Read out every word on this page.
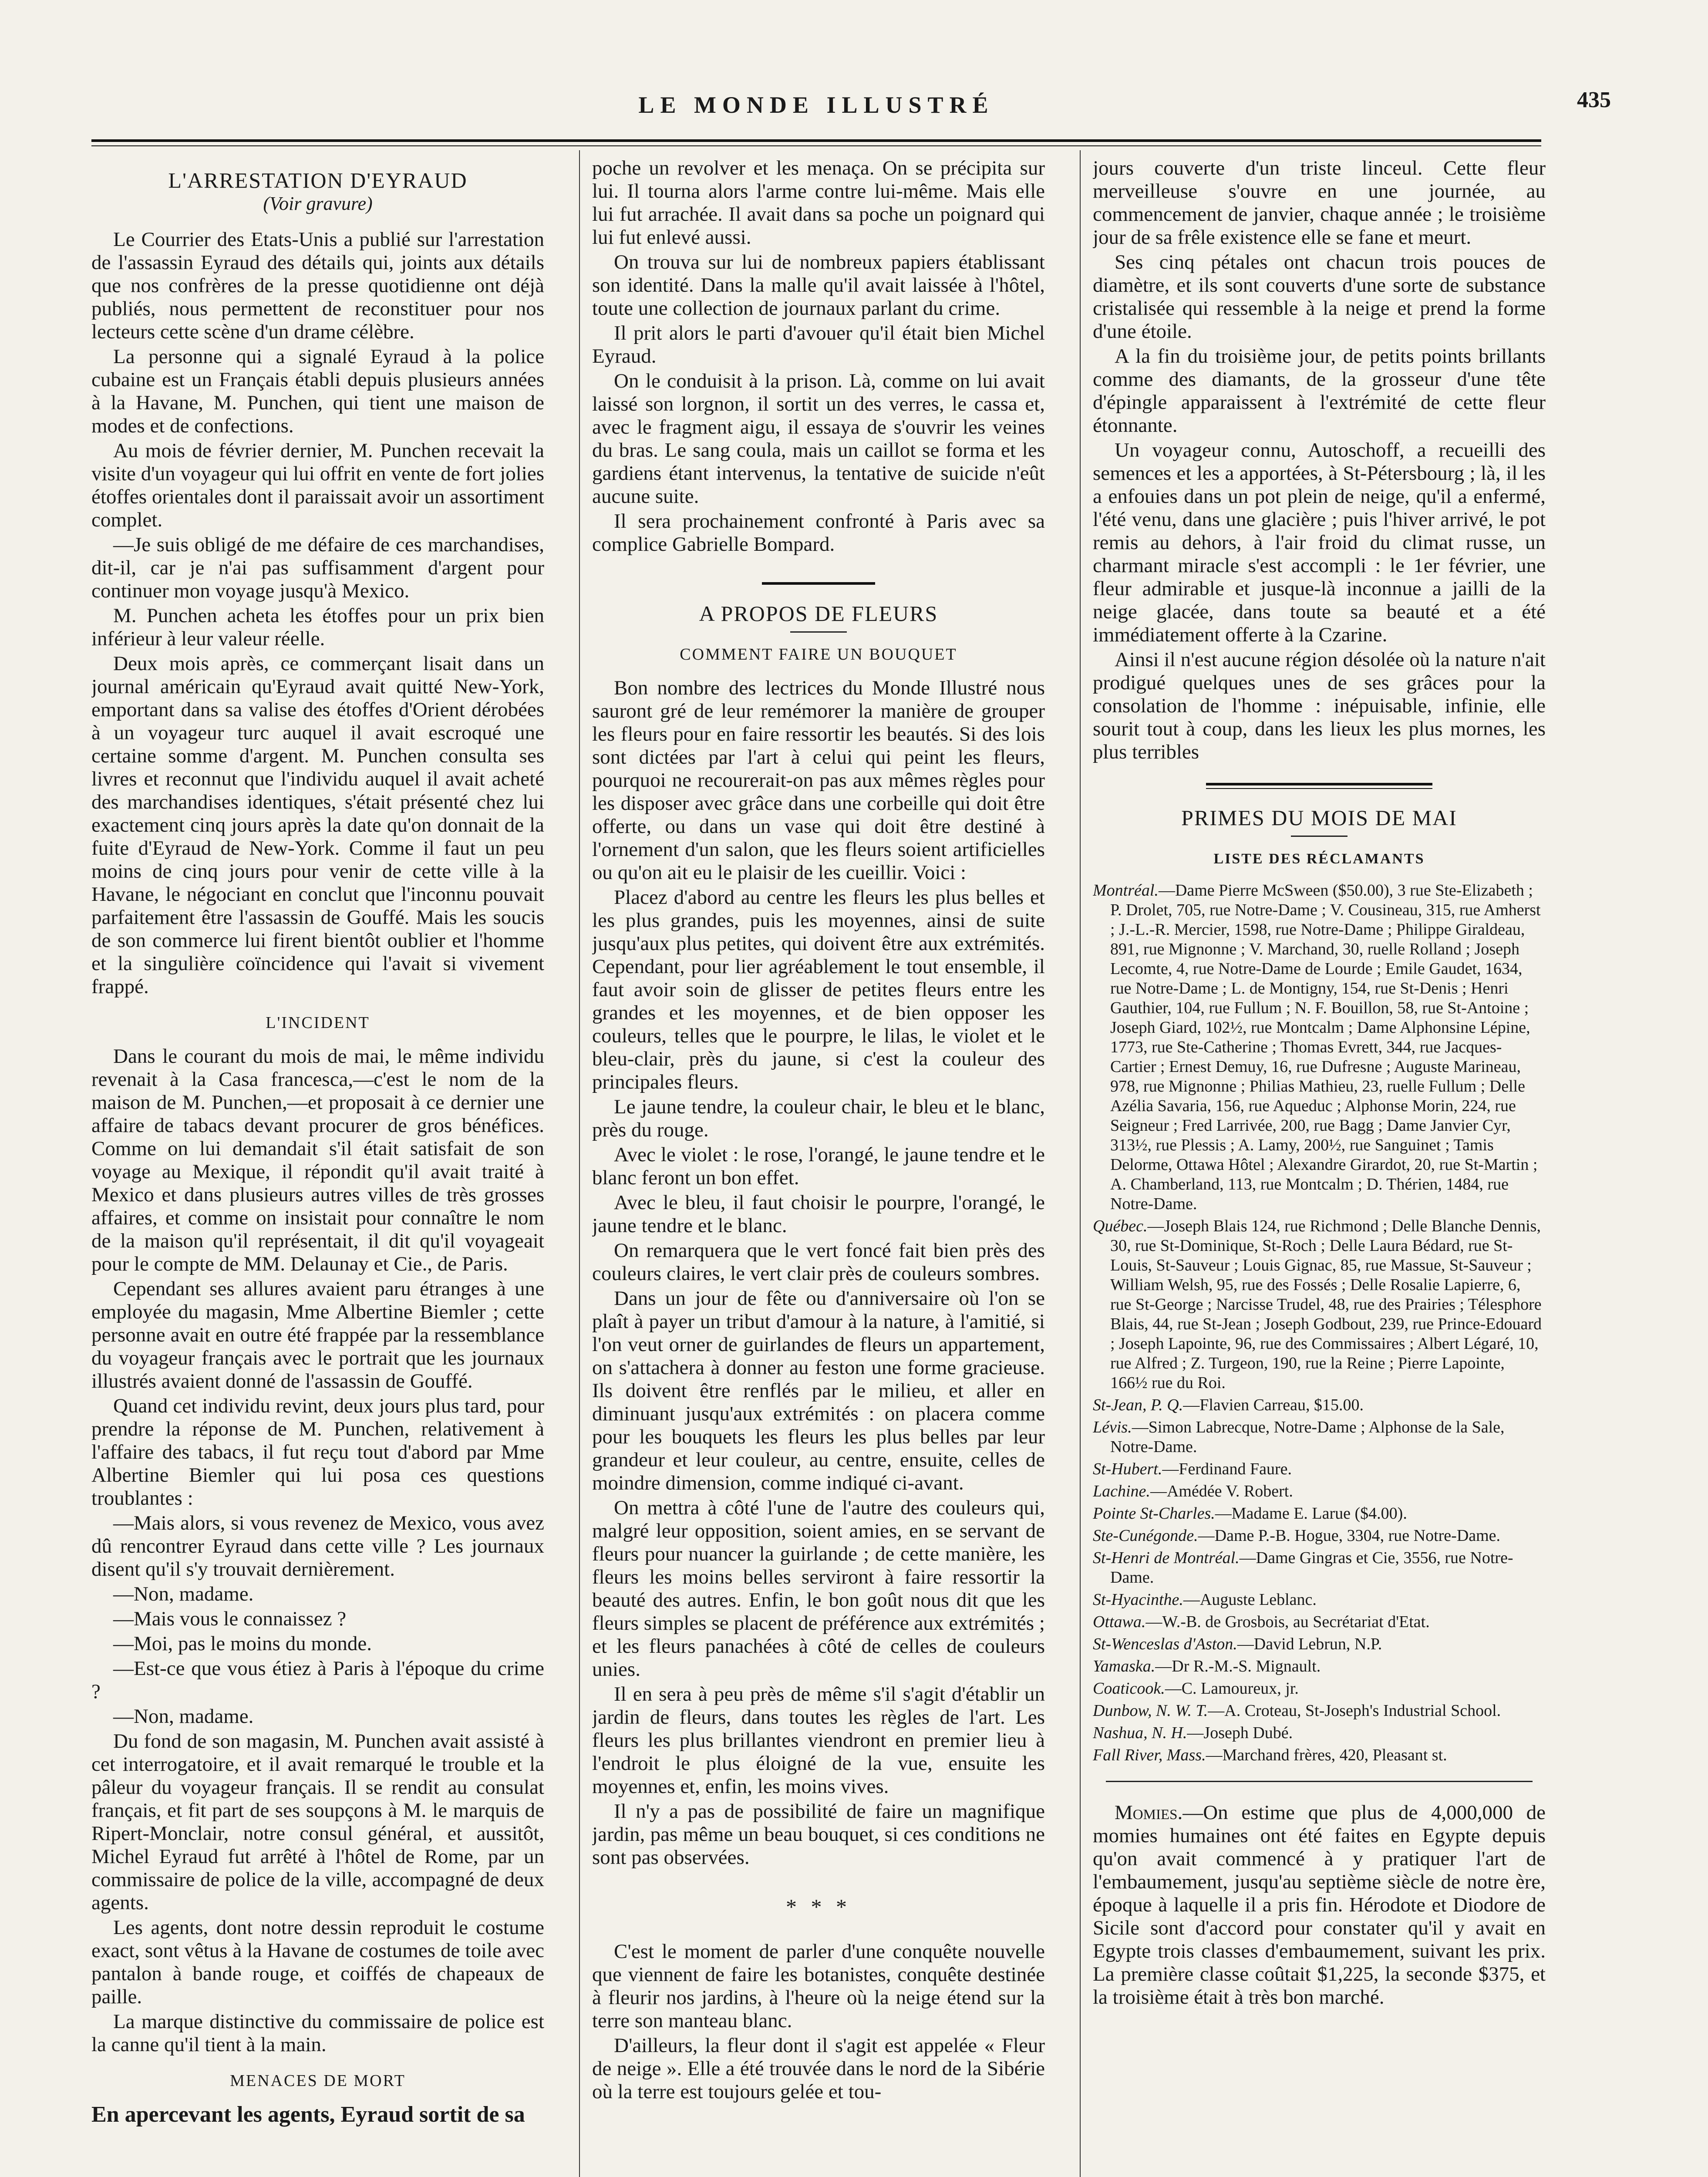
LE MONDE ILLUSTRÉ	435
L'ARRESTATION D'EYRAUD
(Voir gravure)

Le Courrier des Etats-Unis a publié sur l'arrestation de l'assassin Eyraud des détails qui, joints aux détails que nos confrères de la presse quotidienne ont déjà publiés, nous permettent de reconstituer pour nos lecteurs cette scène d'un drame célèbre.

La personne qui a signalé Eyraud à la police cubaine est un Français établi depuis plusieurs années à la Havane, M. Punchen, qui tient une maison de modes et de confections.

Au mois de février dernier, M. Punchen recevait la visite d'un voyageur qui lui offrit en vente de fort jolies étoffes orientales dont il paraissait avoir un assortiment complet.

—Je suis obligé de me défaire de ces marchandises, dit-il, car je n'ai pas suffisamment d'argent pour continuer mon voyage jusqu'à Mexico.

M. Punchen acheta les étoffes pour un prix bien inférieur à leur valeur réelle.

Deux mois après, ce commerçant lisait dans un journal américain qu'Eyraud avait quitté New-York, emportant dans sa valise des étoffes d'Orient dérobées à un voyageur turc auquel il avait escroqué une certaine somme d'argent. M. Punchen consulta ses livres et reconnut que l'individu auquel il avait acheté des marchandises identiques, s'était présenté chez lui exactement cinq jours après la date qu'on donnait de la fuite d'Eyraud de New-York. Comme il faut un peu moins de cinq jours pour venir de cette ville à la Havane, le négociant en conclut que l'inconnu pouvait parfaitement être l'assassin de Gouffé. Mais les soucis de son commerce lui firent bientôt oublier et l'homme et la singulière coïncidence qui l'avait si vivement frappé.

L'INCIDENT

Dans le courant du mois de mai, le même individu revenait à la Casa francesca,—c'est le nom de la maison de M. Punchen,—et proposait à ce dernier une affaire de tabacs devant procurer de gros bénéfices. Comme on lui demandait s'il était satisfait de son voyage au Mexique, il répondit qu'il avait traité à Mexico et dans plusieurs autres villes de très grosses affaires, et comme on insistait pour connaître le nom de la maison qu'il représentait, il dit qu'il voyageait pour le compte de MM. Delaunay et Cie., de Paris.

Cependant ses allures avaient paru étranges à une employée du magasin, Mme Albertine Biemler ; cette personne avait en outre été frappée par la ressemblance du voyageur français avec le portrait que les journaux illustrés avaient donné de l'assassin de Gouffé.

Quand cet individu revint, deux jours plus tard, pour prendre la réponse de M. Punchen, relativement à l'affaire des tabacs, il fut reçu tout d'abord par Mme Albertine Biemler qui lui posa ces questions troublantes :

—Mais alors, si vous revenez de Mexico, vous avez dû rencontrer Eyraud dans cette ville ? Les journaux disent qu'il s'y trouvait dernièrement.

—Non, madame.

—Mais vous le connaissez ?

—Moi, pas le moins du monde.

—Est-ce que vous étiez à Paris à l'époque du crime ?

—Non, madame.

Du fond de son magasin, M. Punchen avait assisté à cet interrogatoire, et il avait remarqué le trouble et la pâleur du voyageur français. Il se rendit au consulat français, et fit part de ses soupçons à M. le marquis de Ripert-Monclair, notre consul général, et aussitôt, Michel Eyraud fut arrêté à l'hôtel de Rome, par un commissaire de police de la ville, accompagné de deux agents.

Les agents, dont notre dessin reproduit le costume exact, sont vêtus à la Havane de costumes de toile avec pantalon à bande rouge, et coiffés de chapeaux de paille.

La marque distinctive du commissaire de police est la canne qu'il tient à la main.

MENACES DE MORT

En apercevant les agents, Eyraud sortit de sa

poche un revolver et les menaça. On se précipita sur lui. Il tourna alors l'arme contre lui-même. Mais elle lui fut arrachée. Il avait dans sa poche un poignard qui lui fut enlevé aussi.

On trouva sur lui de nombreux papiers établissant son identité. Dans la malle qu'il avait laissée à l'hôtel, toute une collection de journaux parlant du crime.

Il prit alors le parti d'avouer qu'il était bien Michel Eyraud.

On le conduisit à la prison. Là, comme on lui avait laissé son lorgnon, il sortit un des verres, le cassa et, avec le fragment aigu, il essaya de s'ouvrir les veines du bras. Le sang coula, mais un caillot se forma et les gardiens étant intervenus, la tentative de suicide n'eût aucune suite.

Il sera prochainement confronté à Paris avec sa complice Gabrielle Bompard.

A PROPOS DE FLEURS
COMMENT FAIRE UN BOUQUET

Bon nombre des lectrices du Monde Illustré nous sauront gré de leur remémorer la manière de grouper les fleurs pour en faire ressortir les beautés. Si des lois sont dictées par l'art à celui qui peint les fleurs, pourquoi ne recourerait-on pas aux mêmes règles pour les disposer avec grâce dans une corbeille qui doit être offerte, ou dans un vase qui doit être destiné à l'ornement d'un salon, que les fleurs soient artificielles ou qu'on ait eu le plaisir de les cueillir. Voici :

Placez d'abord au centre les fleurs les plus belles et les plus grandes, puis les moyennes, ainsi de suite jusqu'aux plus petites, qui doivent être aux extrémités. Cependant, pour lier agréablement le tout ensemble, il faut avoir soin de glisser de petites fleurs entre les grandes et les moyennes, et de bien opposer les couleurs, telles que le pourpre, le lilas, le violet et le bleu-clair, près du jaune, si c'est la couleur des principales fleurs.

Le jaune tendre, la couleur chair, le bleu et le blanc, près du rouge.

Avec le violet : le rose, l'orangé, le jaune tendre et le blanc feront un bon effet.

Avec le bleu, il faut choisir le pourpre, l'orangé, le jaune tendre et le blanc.

On remarquera que le vert foncé fait bien près des couleurs claires, le vert clair près de couleurs sombres.

Dans un jour de fête ou d'anniversaire où l'on se plaît à payer un tribut d'amour à la nature, à l'amitié, si l'on veut orner de guirlandes de fleurs un appartement, on s'attachera à donner au feston une forme gracieuse. Ils doivent être renflés par le milieu, et aller en diminuant jusqu'aux extrémités : on placera comme pour les bouquets les fleurs les plus belles par leur grandeur et leur couleur, au centre, ensuite, celles de moindre dimension, comme indiqué ci-avant.

On mettra à côté l'une de l'autre des couleurs qui, malgré leur opposition, soient amies, en se servant de fleurs pour nuancer la guirlande ; de cette manière, les fleurs les moins belles serviront à faire ressortir la beauté des autres. Enfin, le bon goût nous dit que les fleurs simples se placent de préférence aux extrémités ; et les fleurs panachées à côté de celles de couleurs unies.

Il en sera à peu près de même s'il s'agit d'établir un jardin de fleurs, dans toutes les règles de l'art. Les fleurs les plus brillantes viendront en premier lieu à l'endroit le plus éloigné de la vue, ensuite les moyennes et, enfin, les moins vives.

Il n'y a pas de possibilité de faire un magnifique jardin, pas même un beau bouquet, si ces conditions ne sont pas observées.

* * *

C'est le moment de parler d'une conquête nouvelle que viennent de faire les botanistes, conquête destinée à fleurir nos jardins, à l'heure où la neige étend sur la terre son manteau blanc.

D'ailleurs, la fleur dont il s'agit est appelée « Fleur de neige ». Elle a été trouvée dans le nord de la Sibérie où la terre est toujours gelée et tou-

jours couverte d'un triste linceul. Cette fleur merveilleuse s'ouvre en une journée, au commencement de janvier, chaque année ; le troisième jour de sa frêle existence elle se fane et meurt.

Ses cinq pétales ont chacun trois pouces de diamètre, et ils sont couverts d'une sorte de substance cristalisée qui ressemble à la neige et prend la forme d'une étoile.

A la fin du troisième jour, de petits points brillants comme des diamants, de la grosseur d'une tête d'épingle apparaissent à l'extrémité de cette fleur étonnante.

Un voyageur connu, Autoschoff, a recueilli des semences et les a apportées, à St-Pétersbourg ; là, il les a enfouies dans un pot plein de neige, qu'il a enfermé, l'été venu, dans une glacière ; puis l'hiver arrivé, le pot remis au dehors, à l'air froid du climat russe, un charmant miracle s'est accompli : le 1er février, une fleur admirable et jusque-là inconnue a jailli de la neige glacée, dans toute sa beauté et a été immédiatement offerte à la Czarine.

Ainsi il n'est aucune région désolée où la nature n'ait prodigué quelques unes de ses grâces pour la consolation de l'homme : inépuisable, infinie, elle sourit tout à coup, dans les lieux les plus mornes, les plus terribles

PRIMES DU MOIS DE MAI
LISTE DES RÉCLAMANTS

Montréal.—Dame Pierre McSween ($50.00), 3 rue Ste-Elizabeth ; P. Drolet, 705, rue Notre-Dame ; V. Cousineau, 315, rue Amherst ; J.-L.-R. Mercier, 1598, rue Notre-Dame ; Philippe Giraldeau, 891, rue Mignonne ; V. Marchand, 30, ruelle Rolland ; Joseph Lecomte, 4, rue Notre-Dame de Lourde ; Emile Gaudet, 1634, rue Notre-Dame ; L. de Montigny, 154, rue St-Denis ; Henri Gauthier, 104, rue Fullum ; N. F. Bouillon, 58, rue St-Antoine ; Joseph Giard, 102½, rue Montcalm ; Dame Alphonsine Lépine, 1773, rue Ste-Catherine ; Thomas Evrett, 344, rue Jacques-Cartier ; Ernest Demuy, 16, rue Dufresne ; Auguste Marineau, 978, rue Mignonne ; Philias Mathieu, 23, ruelle Fullum ; Delle Azélia Savaria, 156, rue Aqueduc ; Alphonse Morin, 224, rue Seigneur ; Fred Larrivée, 200, rue Bagg ; Dame Janvier Cyr, 313½, rue Plessis ; A. Lamy, 200½, rue Sanguinet ; Tamis Delorme, Ottawa Hôtel ; Alexandre Girardot, 20, rue St-Martin ; A. Chamberland, 113, rue Montcalm ; D. Thérien, 1484, rue Notre-Dame.

Québec.—Joseph Blais 124, rue Richmond ; Delle Blanche Dennis, 30, rue St-Dominique, St-Roch ; Delle Laura Bédard, rue St-Louis, St-Sauveur ; Louis Gignac, 85, rue Massue, St-Sauveur ; William Welsh, 95, rue des Fossés ; Delle Rosalie Lapierre, 6, rue St-George ; Narcisse Trudel, 48, rue des Prairies ; Télesphore Blais, 44, rue St-Jean ; Joseph Godbout, 239, rue Prince-Edouard ; Joseph Lapointe, 96, rue des Commissaires ; Albert Légaré, 10, rue Alfred ; Z. Turgeon, 190, rue la Reine ; Pierre Lapointe, 166½ rue du Roi.

St-Jean, P. Q.—Flavien Carreau, $15.00.

Lévis.—Simon Labrecque, Notre-Dame ; Alphonse de la Sale, Notre-Dame.

St-Hubert.—Ferdinand Faure.

Lachine.—Amédée V. Robert.

Pointe St-Charles.—Madame E. Larue ($4.00).

Ste-Cunégonde.—Dame P.-B. Hogue, 3304, rue Notre-Dame.

St-Henri de Montréal.—Dame Gingras et Cie, 3556, rue Notre-Dame.

St-Hyacinthe.—Auguste Leblanc.

Ottawa.—W.-B. de Grosbois, au Secrétariat d'Etat.

St-Wenceslas d'Aston.—David Lebrun, N.P.

Yamaska.—Dr R.-M.-S. Mignault.

Coaticook.—C. Lamoureux, jr.

Dunbow, N. W. T.—A. Croteau, St-Joseph's Industrial School.

Nashua, N. H.—Joseph Dubé.

Fall River, Mass.—Marchand frères, 420, Pleasant st.

Momies.—On estime que plus de 4,000,000 de momies humaines ont été faites en Egypte depuis qu'on avait commencé à y pratiquer l'art de l'embaumement, jusqu'au septième siècle de notre ère, époque à laquelle il a pris fin. Hérodote et Diodore de Sicile sont d'accord pour constater qu'il y avait en Egypte trois classes d'embaumement, suivant les prix. La première classe coûtait $1,225, la seconde $375, et la troisième était à très bon marché.
